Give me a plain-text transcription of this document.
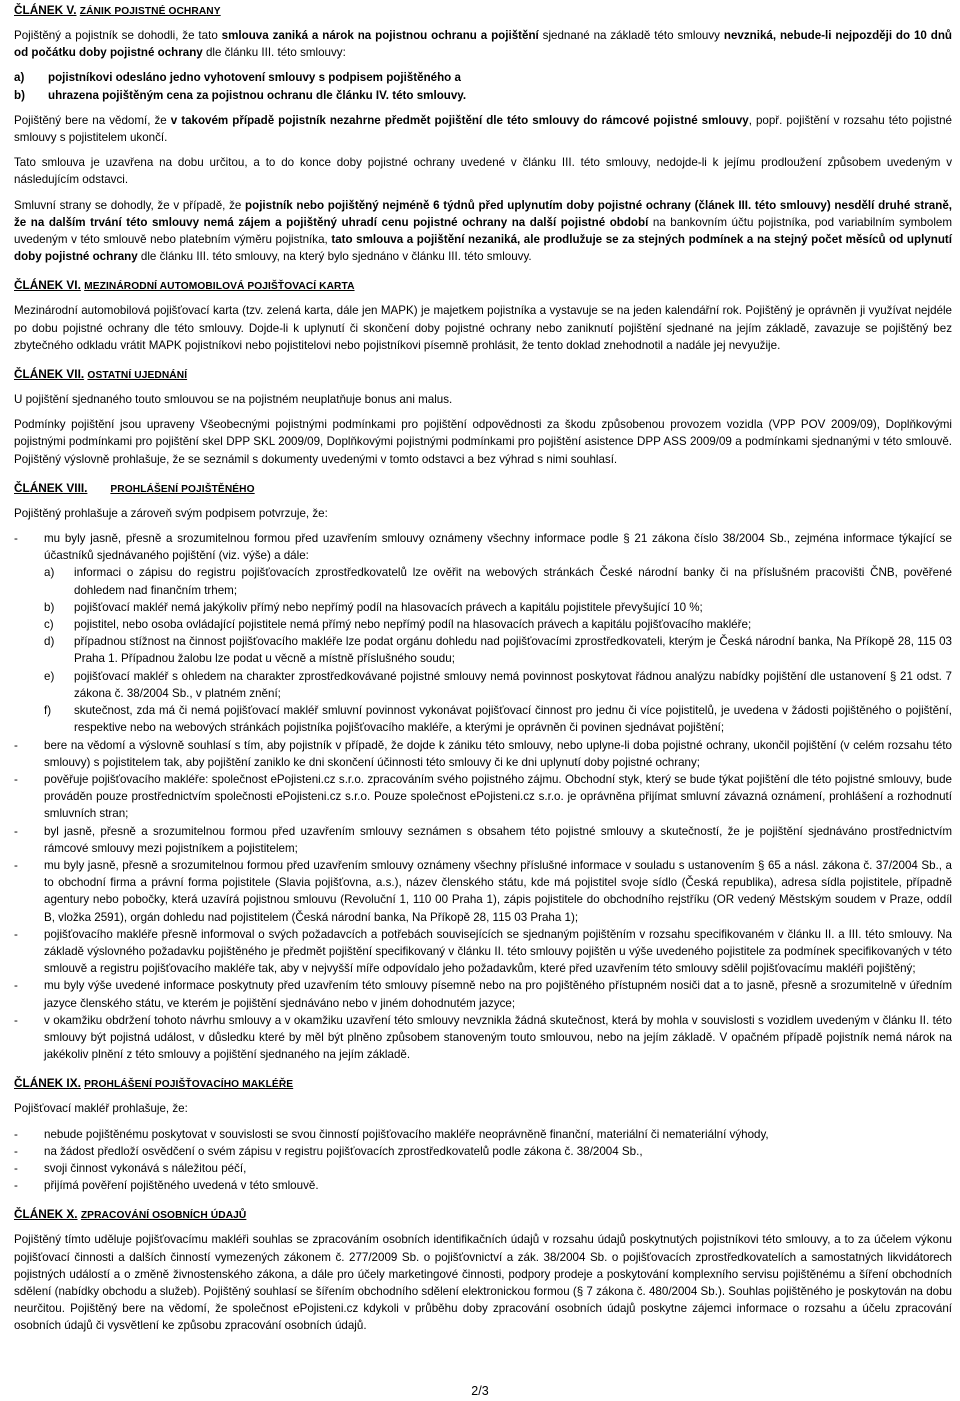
ČLÁNEK V. ZÁNIK POJISTNÉ OCHRANY

Pojištěný a pojistník se dohodli, že tato smlouva zaniká a nárok na pojistnou ochranu a pojištění sjednané na základě této smlouvy nevzniká, nebude-li nejpozději do 10 dnů od počátku doby pojistné ochrany dle článku III. této smlouvy:

a) pojistníkovi odesláno jedno vyhotovení smlouvy s podpisem pojištěného a
b) uhrazena pojištěným cena za pojistnou ochranu dle článku IV. této smlouvy.

Pojištěný bere na vědomí, že v takovém případě pojistník nezahrne předmět pojištění dle této smlouvy do rámcové pojistné smlouvy, popř. pojištění v rozsahu této pojistné smlouvy s pojistitelem ukončí.

Tato smlouva je uzavřena na dobu určitou, a to do konce doby pojistné ochrany uvedené v článku III. této smlouvy, nedojde-li k jejímu prodloužení způsobem uvedeným v následujícím odstavci.

Smluvní strany se dohodly, že v případě, že pojistník nebo pojištěný nejméně 6 týdnů před uplynutím doby pojistné ochrany (článek III. této smlouvy) nesdělí druhé straně, že na dalším trvání této smlouvy nemá zájem a pojištěný uhradí cenu pojistné ochrany na další pojistné období na bankovním účtu pojistníka, pod variabilním symbolem uvedeným v této smlouvě nebo platebním výměru pojistníka, tato smlouva a pojištění nezaniká, ale prodlužuje se za stejných podmínek a na stejný počet měsíců od uplynutí doby pojistné ochrany dle článku III. této smlouvy, na který bylo sjednáno v článku III. této smlouvy.

ČLÁNEK VI. MEZINÁRODNÍ AUTOMOBILOVÁ POJIŠŤOVACÍ KARTA

Mezinárodní automobilová pojišťovací karta (tzv. zelená karta, dále jen MAPK) je majetkem pojistníka a vystavuje se na jeden kalendářní rok. Pojištěný je oprávněn ji využívat nejdéle po dobu pojistné ochrany dle této smlouvy. Dojde-li k uplynutí či skončení doby pojistné ochrany nebo zaniknutí pojištění sjednané na jejím základě, zavazuje se pojištěný bez zbytečného odkladu vrátit MAPK pojistníkovi nebo pojistitelovi nebo pojistníkovi písemně prohlásit, že tento doklad znehodnotil a nadále jej nevyužije.

ČLÁNEK VII. OSTATNÍ UJEDNÁNÍ

U pojištění sjednaného touto smlouvou se na pojistném neuplatňuje bonus ani malus.

Podmínky pojištění jsou upraveny Všeobecnými pojistnými podmínkami pro pojištění odpovědnosti za škodu způsobenou provozem vozidla (VPP POV 2009/09), Doplňkovými pojistnými podmínkami pro pojištění skel DPP SKL 2009/09, Doplňkovými pojistnými podmínkami pro pojištění asistence DPP ASS 2009/09 a podmínkami sjednanými v této smlouvě. Pojištěný výslovně prohlašuje, že se seznámil s dokumenty uvedenými v tomto odstavci a bez výhrad s nimi souhlasí.

ČLÁNEK VIII. PROHLÁŠENÍ POJIŠTĚNÉHO

Pojištěný prohlašuje a zároveň svým podpisem potvrzuje, že:

- mu byly jasně, přesně a srozumitelnou formou před uzavřením smlouvy oznámeny všechny informace podle § 21 zákona číslo 38/2004 Sb., zejména informace týkající se účastníků sjednávaného pojištění (viz. výše) a dále:
a) informaci o zápisu do registru pojišťovacích zprostředkovatelů lze ověřit na webových stránkách České národní banky či na příslušném pracovišti ČNB, pověřené dohledem nad finančním trhem;
b) pojišťovací makléř nemá jakýkoliv přímý nebo nepřímý podíl na hlasovacích právech a kapitálu pojistitele převyšující 10 %;
c) pojistitel, nebo osoba ovládající pojistitele nemá přímý nebo nepřímý podíl na hlasovacích právech a kapitálu pojišťovacího makléře;
d) případnou stížnost na činnost pojišťovacího makléře lze podat orgánu dohledu nad pojišťovacími zprostředkovateli, kterým je Česká národní banka, Na Příkopě 28, 115 03 Praha 1. Případnou žalobu lze podat u věcně a místně příslušného soudu;
e) pojišťovací makléř s ohledem na charakter zprostředkovávané pojistné smlouvy nemá povinnost poskytovat řádnou analýzu nabídky pojištění dle ustanovení § 21 odst. 7 zákona č. 38/2004 Sb., v platném znění;
f) skutečnost, zda má či nemá pojišťovací makléř smluvní povinnost vykonávat pojišťovací činnost pro jednu či více pojistitelů, je uvedena v žádosti pojištěného o pojištění, respektive nebo na webových stránkách pojistníka pojišťovacího makléře, a kterými je oprávněn či povinen sjednávat pojištění;
- bere na vědomí a výslovně souhlasí s tím, aby pojistník v případě, že dojde k zániku této smlouvy, nebo uplyne-li doba pojistné ochrany, ukončil pojištění (v celém rozsahu této smlouvy) s pojistitelem tak, aby pojištění zaniklo ke dni skončení účinnosti této smlouvy či ke dni uplynutí doby pojistné ochrany;
- pověřuje pojišťovacího makléře: společnost ePojisteni.cz s.r.o. zpracováním svého pojistného zájmu. Obchodní styk, který se bude týkat pojištění dle této pojistné smlouvy, bude prováděn pouze prostřednictvím společnosti ePojisteni.cz s.r.o. Pouze společnost ePojisteni.cz s.r.o. je oprávněna přijímat smluvní závazná oznámení, prohlášení a rozhodnutí smluvních stran;
- byl jasně, přesně a srozumitelnou formou před uzavřením smlouvy seznámen s obsahem této pojistné smlouvy a skutečností, že je pojištění sjednáváno prostřednictvím rámcové smlouvy mezi pojistníkem a pojistitelem;
- mu byly jasně, přesně a srozumitelnou formou před uzavřením smlouvy oznámeny všechny příslušné informace v souladu s ustanovením § 65 a násl. zákona č. 37/2004 Sb., a to obchodní firma a právní forma pojistitele (Slavia pojišťovna, a.s.), název členského státu, kde má pojistitel svoje sídlo (Česká republika), adresa sídla pojistitele, případně agentury nebo pobočky, která uzavírá pojistnou smlouvu (Revoluční 1, 110 00 Praha 1), zápis pojistitele do obchodního rejstříku (OR vedený Městským soudem v Praze, oddíl B, vložka 2591), orgán dohledu nad pojistitelem (Česká národní banka, Na Příkopě 28, 115 03 Praha 1);
- pojišťovacího makléře přesně informoval o svých požadavcích a potřebách souvisejících se sjednaným pojištěním v rozsahu specifikovaném v článku II. a III. této smlouvy. Na základě výslovného požadavku pojištěného je předmět pojištění specifikovaný v článku II. této smlouvy pojištěn u výše uvedeného pojistitele za podmínek specifikovaných v této smlouvě a registru pojišťovacího makléře tak, aby v nejvyšší míře odpovídalo jeho požadavkům, které před uzavřením této smlouvy sdělil pojišťovacímu makléři pojištěný;
- mu byly výše uvedené informace poskytnuty před uzavřením této smlouvy písemně nebo na pro pojištěného přístupném nosiči dat a to jasně, přesně a srozumitelně v úředním jazyce členského státu, ve kterém je pojištění sjednáváno nebo v jiném dohodnutém jazyce;
- v okamžiku obdržení tohoto návrhu smlouvy a v okamžiku uzavření této smlouvy nevznikla žádná skutečnost, která by mohla v souvislosti s vozidlem uvedeným v článku II. této smlouvy být pojistná událost, v důsledku které by měl být plněno způsobem stanoveným touto smlouvou, nebo na jejím základě. V opačném případě pojistník nemá nárok na jakékoliv plnění z této smlouvy a pojištění sjednaného na jejím základě.
ČLÁNEK IX. PROHLÁŠENÍ POJIŠŤOVACÍHO MAKLÉŘE

Pojišťovací makléř prohlašuje, že:

- nebude pojištěnému poskytovat v souvislosti se svou činností pojišťovacího makléře neoprávněně finanční, materiální či nemateriální výhody,
- na žádost předloží osvědčení o svém zápisu v registru pojišťovacích zprostředkovatelů podle zákona č. 38/2004 Sb.,
- svoji činnost vykonává s náležitou péčí,
- přijímá pověření pojištěného uvedená v této smlouvě.
ČLÁNEK X. ZPRACOVÁNÍ OSOBNÍCH ÚDAJŮ

Pojištěný tímto uděluje pojišťovacímu makléři souhlas se zpracováním osobních identifikačních údajů v rozsahu údajů poskytnutých pojistníkovi této smlouvy, a to za účelem výkonu pojišťovací činnosti a dalších činností vymezených zákonem č. 277/2009 Sb. o pojišťovnictví a zák. 38/2004 Sb. o pojišťovacích zprostředkovatelích a samostatných likvidátorech pojistných událostí a o změně živnostenského zákona, a dále pro účely marketingové činnosti, podpory prodeje a poskytování komplexního servisu pojištěnému a šíření obchodních sdělení (nabídky obchodu a služeb). Pojištěný souhlasí se šířením obchodního sdělení elektronickou formou (§ 7 zákona č. 480/2004 Sb.). Souhlas pojištěného je poskytován na dobu neurčitou. Pojištěný bere na vědomí, že společnost ePojisteni.cz kdykoli v průběhu doby zpracování osobních údajů poskytne zájemci informace o rozsahu a účelu zpracování osobních údajů či vysvětlení ke způsobu zpracování osobních údajů.

2/3
